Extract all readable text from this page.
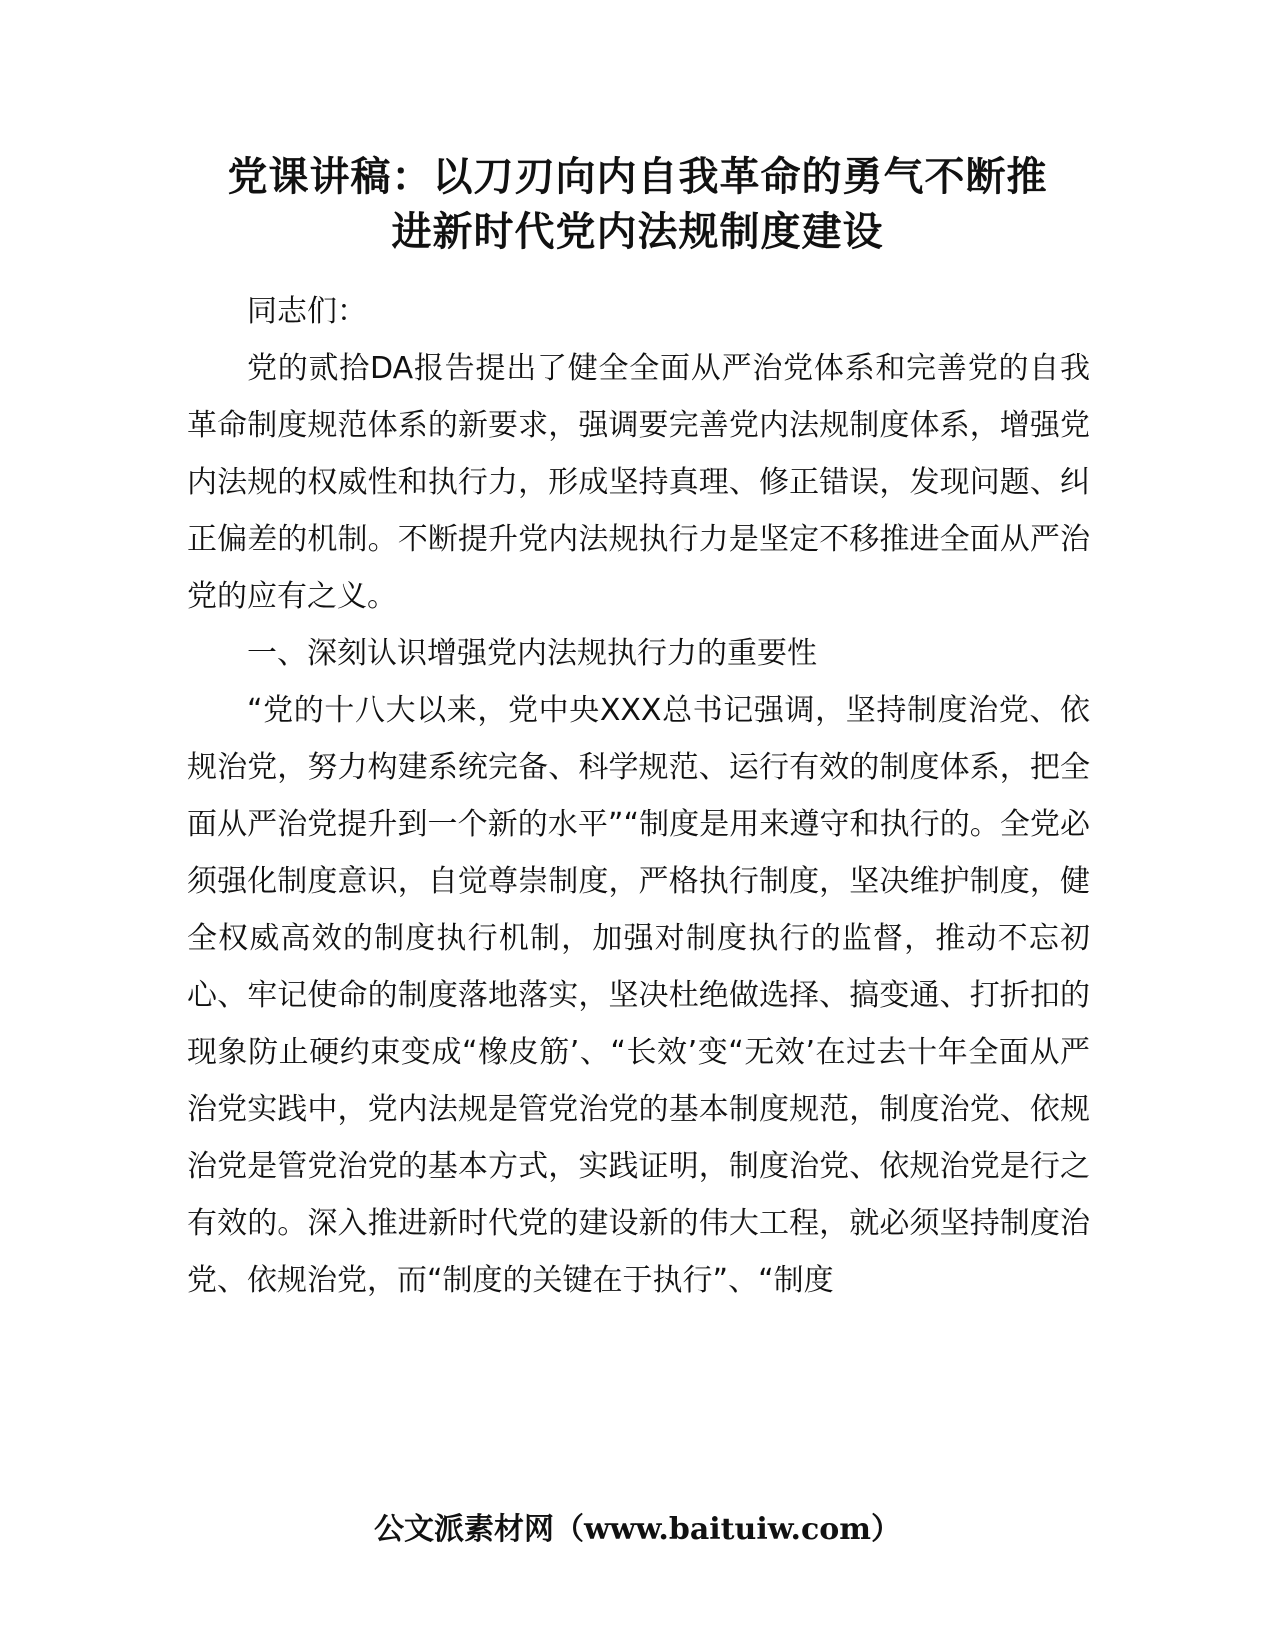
党课讲稿：以刀刃向内自我革命的勇气不断推
进新时代党内法规制度建设

同志们：

党的贰拾DA报告提出了健全全面从严治党体系和完善党的自我革命制度规范体系的新要求，强调要完善党内法规制度体系，增强党内法规的权威性和执行力，形成坚持真理、修正错误，发现问题、纠正偏差的机制。不断提升党内法规执行力是坚定不移推进全面从严治党的应有之义。

一、深刻认识增强党内法规执行力的重要性

“党的十八大以来，党中央XXX总书记强调，坚持制度治党、依规治党，努力构建系统完备、科学规范、运行有效的制度体系，把全面从严治党提升到一个新的水平”“制度是用来遵守和执行的。全党必须强化制度意识，自觉尊崇制度，严格执行制度，坚决维护制度，健全权威高效的制度执行机制，加强对制度执行的监督，推动不忘初心、牢记使命的制度落地落实，坚决杜绝做选择、搞变通、打折扣的现象防止硬约束变成“橡皮筋’、“长效’变“无效’在过去十年全面从严治党实践中，党内法规是管党治党的基本制度规范，制度治党、依规治党是管党治党的基本方式，实践证明，制度治党、依规治党是行之有效的。深入推进新时代党的建设新的伟大工程，就必须坚持制度治党、依规治党，而“制度的关键在于执行”、“制度

公文派素材网（www.baituiw.com）
